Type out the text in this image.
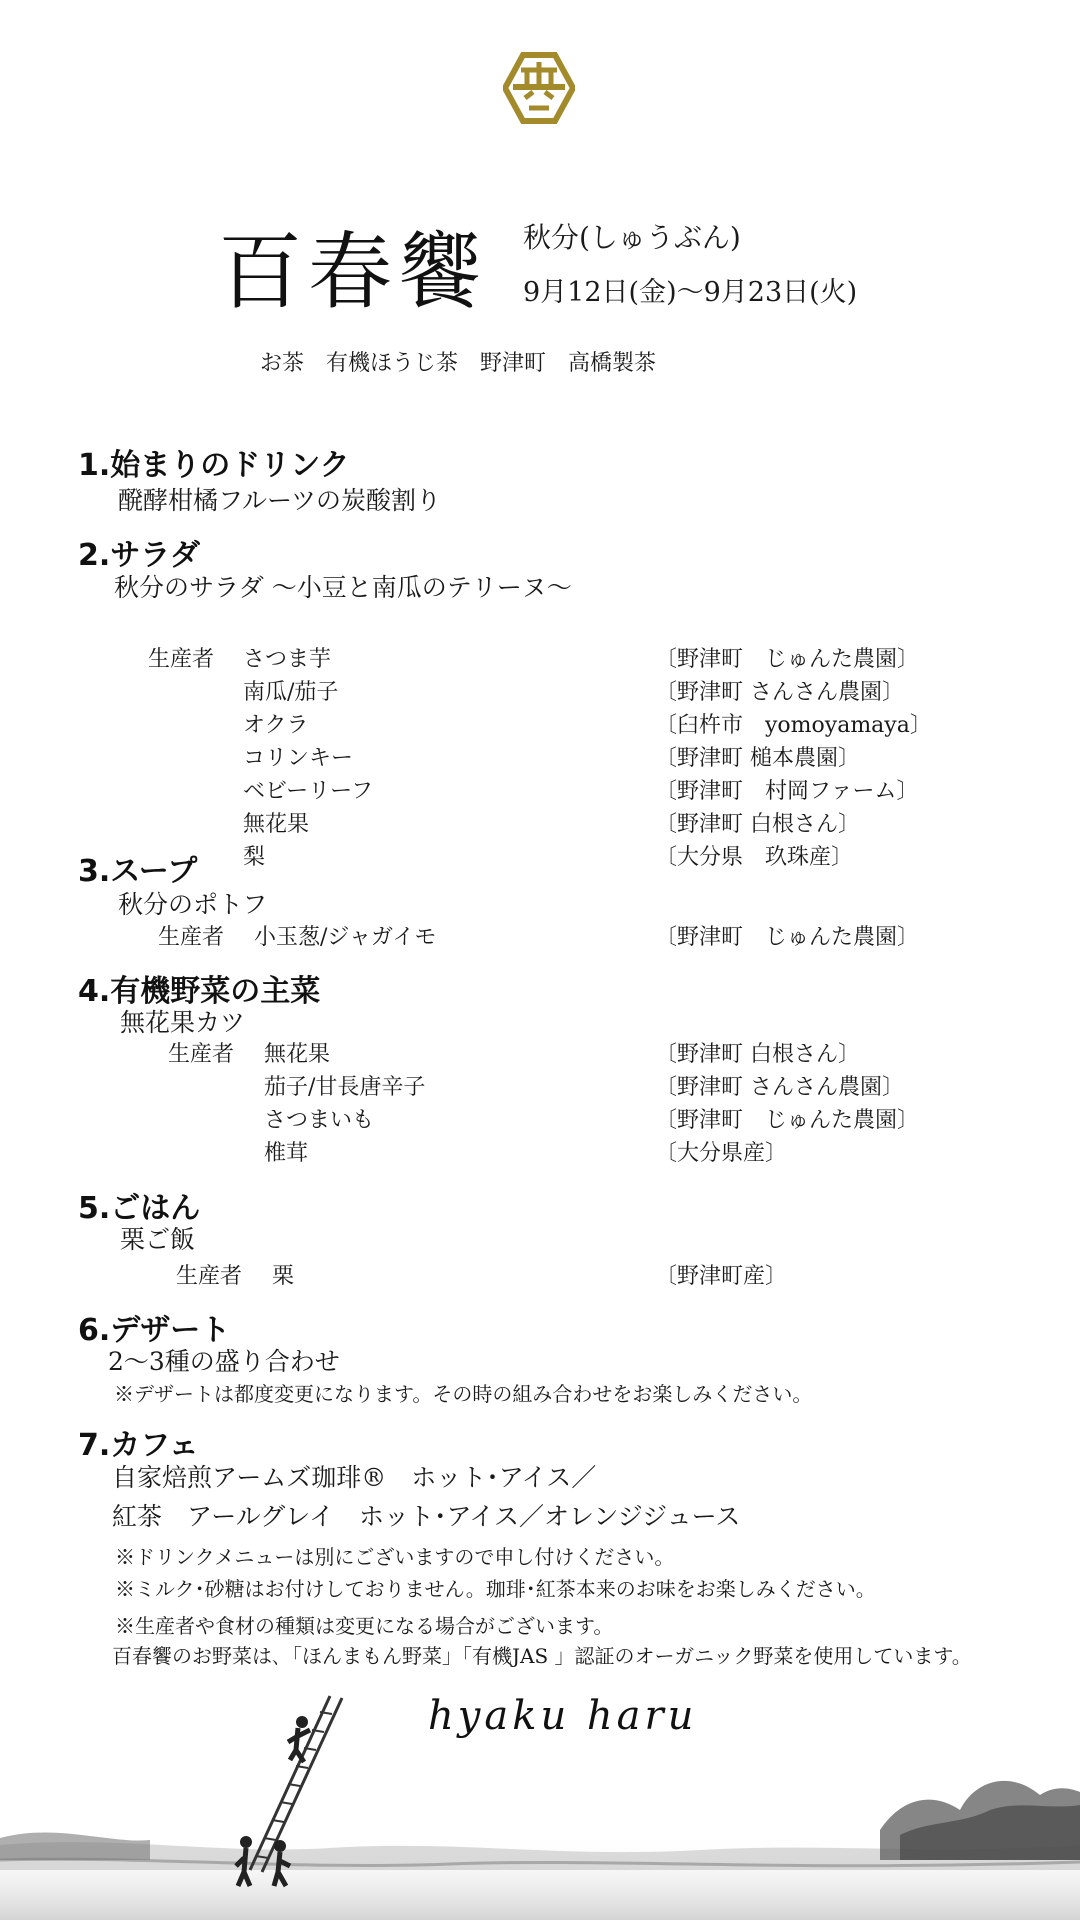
百春饗 秋分(しゅうぶん)
9月12日(金)〜9月23日(火)
お茶　有機ほうじ茶　野津町　高橋製茶
1.始まりのドリンク
醗酵柑橘フルーツの炭酸割り
2.サラダ
秋分のサラダ 〜小豆と南瓜のテリーヌ〜
生産者 さつま芋	〔野津町　じゅんた農園〕
南瓜/茄子	〔野津町 さんさん農園〕
オクラ	〔臼杵市　yomoyamaya〕
コリンキー	〔野津町 槌本農園〕
ベビーリーフ	〔野津町　村岡ファーム〕
無花果	〔野津町 白根さん〕
梨	〔大分県　玖珠産〕
3.スープ
秋分のポトフ
生産者 小玉葱/ジャガイモ	〔野津町　じゅんた農園〕
4.有機野菜の主菜
無花果カツ
生産者 無花果	〔野津町 白根さん〕
茄子/甘長唐辛子	〔野津町 さんさん農園〕
さつまいも	〔野津町　じゅんた農園〕
椎茸	〔大分県産〕
5.ごはん
栗ご飯
生産者 栗	〔野津町産〕
6.デザート
2〜3種の盛り合わせ
※デザートは都度変更になります。その時の組み合わせをお楽しみください。
7.カフェ
自家焙煎アームズ珈琲®　ホット･アイス／
紅茶　アールグレイ　ホット･アイス／オレンジジュース
※ドリンクメニューは別にございますので申し付けください。
※ミルク･砂糖はお付けしておりません。珈琲･紅茶本来のお味をお楽しみください。
※生産者や食材の種類は変更になる場合がございます。
百春饗のお野菜は､「ほんまもん野菜」「有機JAS 」認証のオーガニック野菜を使用しています。
hyaku haru
